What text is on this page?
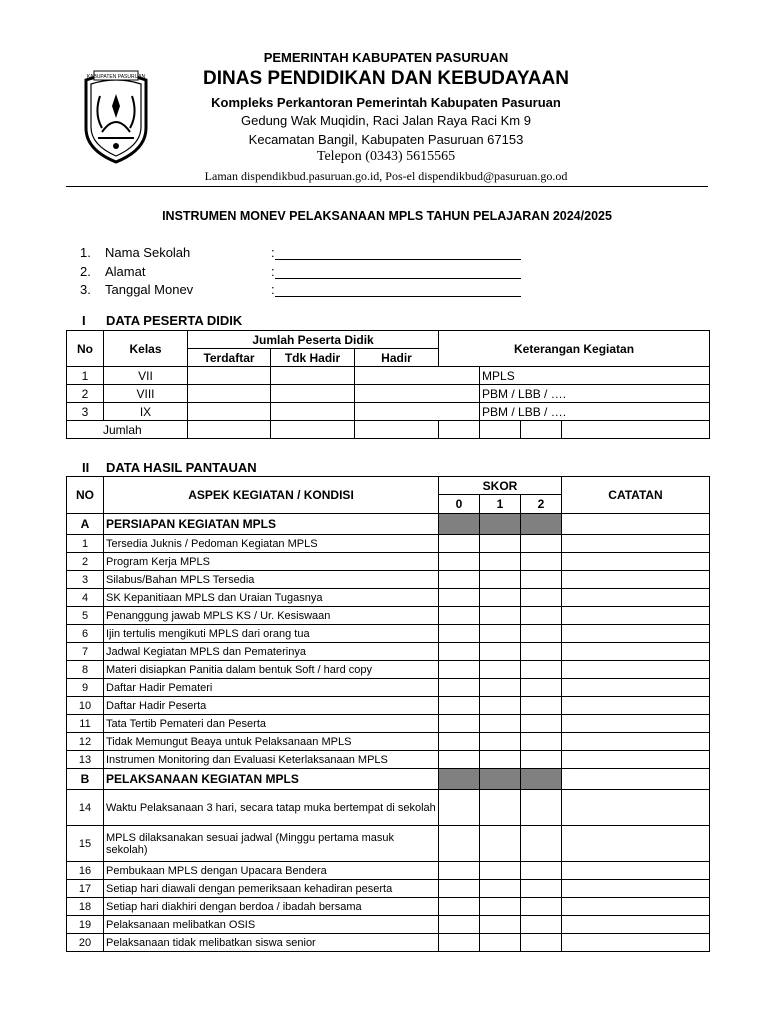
KABUPATEN PASURUAN
PEMERINTAH KABUPATEN PASURUAN
DINAS PENDIDIKAN DAN KEBUDAYAAN
Kompleks Perkantoran Pemerintah Kabupaten Pasuruan
Gedung Wak Muqidin, Raci Jalan Raya Raci Km 9
Kecamatan Bangil, Kabupaten Pasuruan 67153
Telepon (0343) 5615565
Laman dispendikbud.pasuruan.go.id, Pos-el dispendikbud@pasuruan.go.od
INSTRUMEN MONEV PELAKSANAAN MPLS TAHUN PELAJARAN 2024/2025
1. Nama Sekolah	:
2. Alamat	:
3. Tanggal Monev	:
I DATA PESERTA DIDIK
No	Kelas	Jumlah Peserta Didik			Keterangan Kegiatan			
		Terdaftar	Tdk Hadir	Hadir				
1	VII					MPLS		
2	VIII					PBM / LBB / ….		
3	IX					PBM / LBB / ….		
Jumlah								
II DATA HASIL PANTAUAN
NO	ASPEK KEGIATAN / KONDISI	SKOR			CATATAN
		0	1	2	
A	PERSIAPAN KEGIATAN MPLS				
1	Tersedia Juknis / Pedoman Kegiatan MPLS				
2	Program Kerja MPLS				
3	Silabus/Bahan MPLS Tersedia				
4	SK Kepanitiaan MPLS dan Uraian Tugasnya				
5	Penanggung jawab MPLS KS / Ur. Kesiswaan				
6	Ijin tertulis mengikuti MPLS dari orang tua				
7	Jadwal Kegiatan MPLS dan Pematerinya				
8	Materi disiapkan Panitia dalam bentuk Soft / hard copy				
9	Daftar Hadir Pemateri				
10	Daftar Hadir Peserta				
11	Tata Tertib Pemateri dan Peserta				
12	Tidak Memungut Beaya untuk Pelaksanaan MPLS				
13	Instrumen Monitoring dan Evaluasi Keterlaksanaan MPLS				
B	PELAKSANAAN KEGIATAN MPLS				
14	Waktu Pelaksanaan 3 hari, secara tatap muka bertempat di sekolah				
15	MPLS dilaksanakan sesuai jadwal (Minggu pertama masuk sekolah)				
16	Pembukaan MPLS dengan Upacara Bendera				
17	Setiap hari diawali dengan pemeriksaan kehadiran peserta				
18	Setiap hari diakhiri dengan berdoa / ibadah bersama				
19	Pelaksanaan melibatkan OSIS				
20	Pelaksanaan tidak melibatkan siswa senior				
